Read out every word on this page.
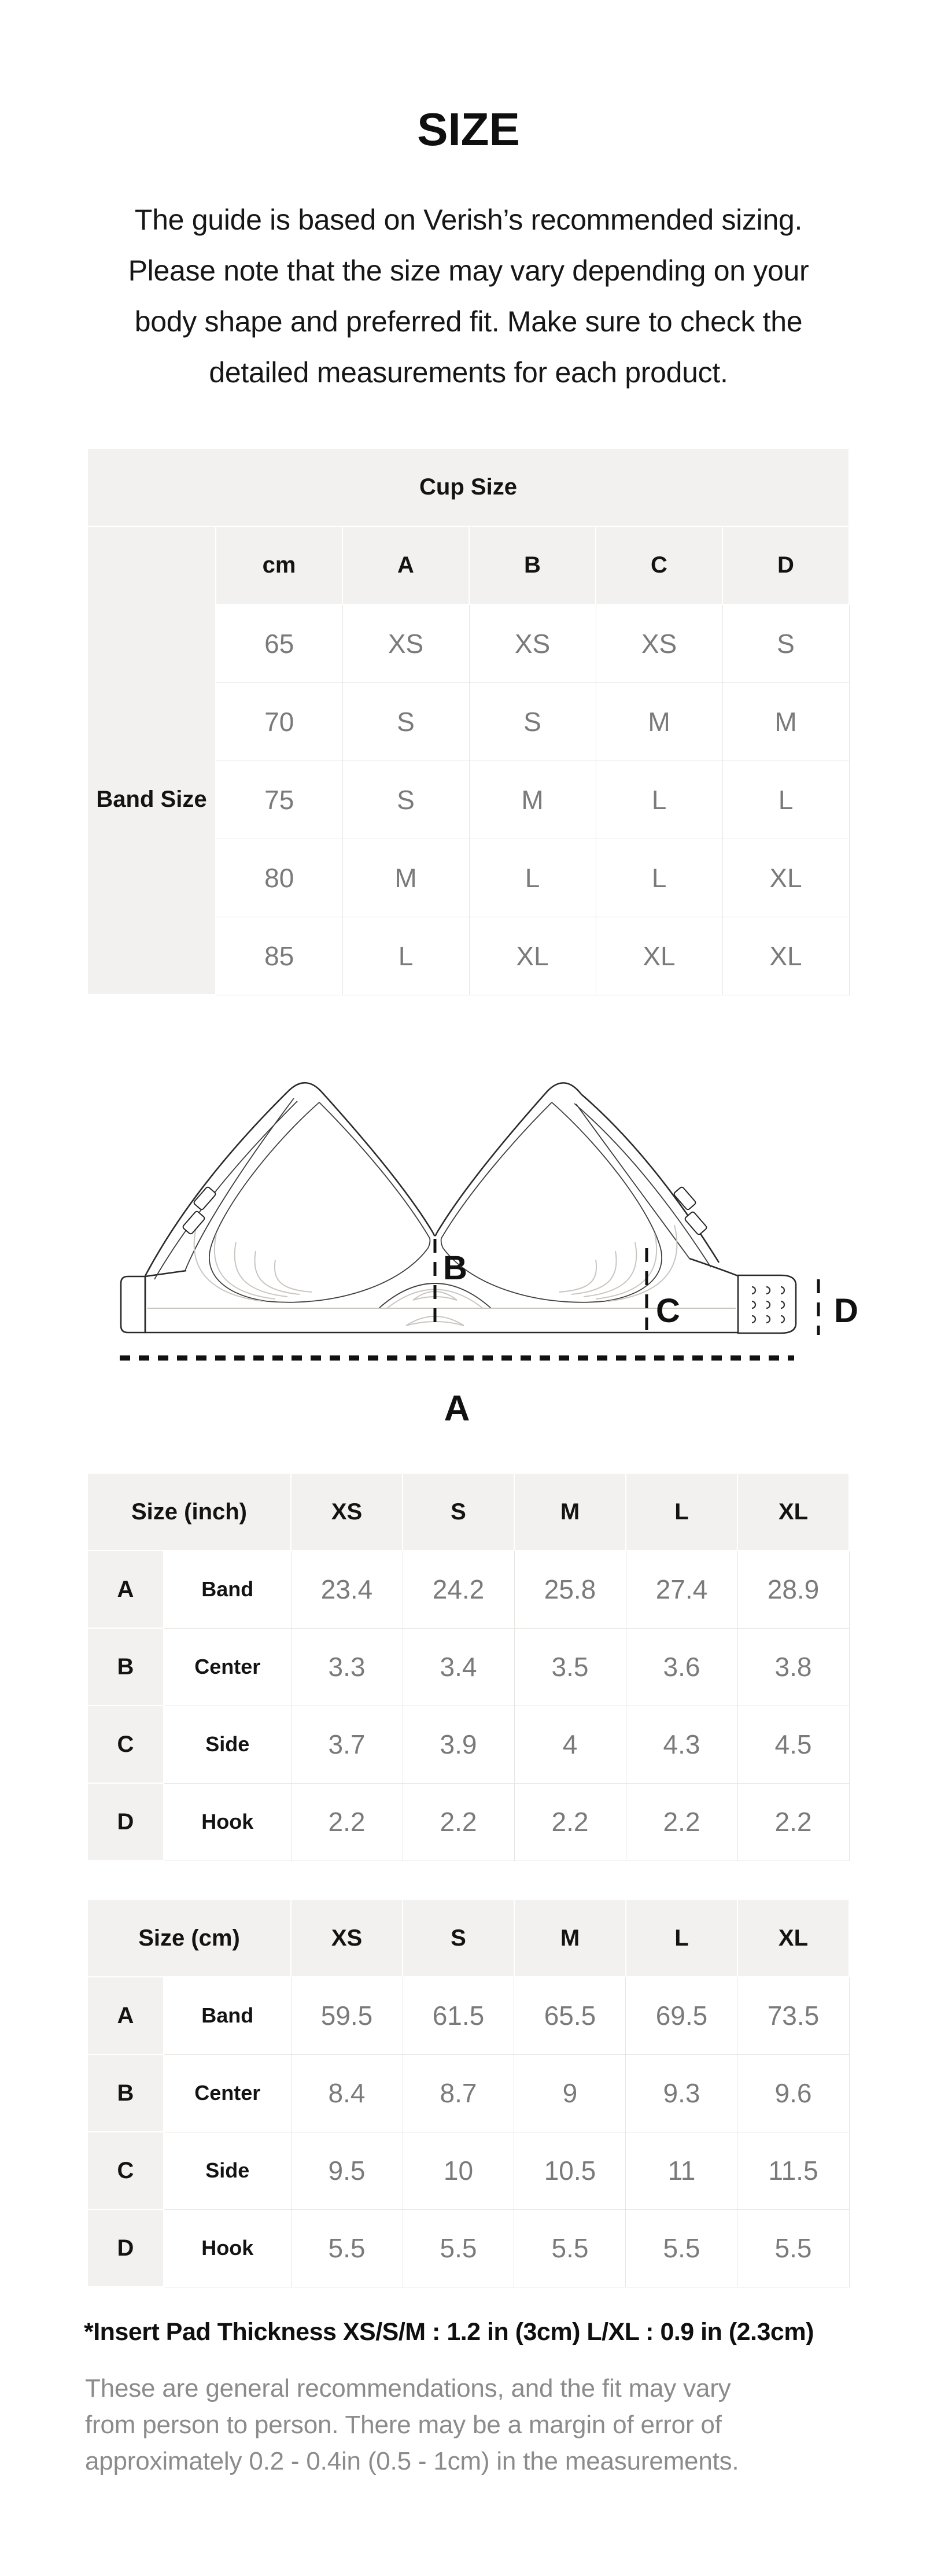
SIZE
The guide is based on Verish’s recommended sizing.
Please note that the size may vary depending on your
body shape and preferred fit. Make sure to check the
detailed measurements for each product.
Cup Size					
Band Size	cm	A	B	C	D
	65	XS	XS	XS	S
	70	S	S	M	M
	75	S	M	L	L
	80	M	L	L	XL
	85	L	XL	XL	XL
B
C	D
A
Size (inch)		XS	S	M	L	XL
A	Band	23.4	24.2	25.8	27.4	28.9
B	Center	3.3	3.4	3.5	3.6	3.8
C	Side	3.7	3.9	4	4.3	4.5
D	Hook	2.2	2.2	2.2	2.2	2.2
Size (cm)		XS	S	M	L	XL
A	Band	59.5	61.5	65.5	69.5	73.5
B	Center	8.4	8.7	9	9.3	9.6
C	Side	9.5	10	10.5	11	11.5
D	Hook	5.5	5.5	5.5	5.5	5.5
*Insert Pad Thickness XS/S/M : 1.2 in (3cm) L/XL : 0.9 in (2.3cm)
These are general recommendations, and the fit may vary
from person to person. There may be a margin of error of
approximately 0.2 - 0.4in (0.5 - 1cm) in the measurements.
